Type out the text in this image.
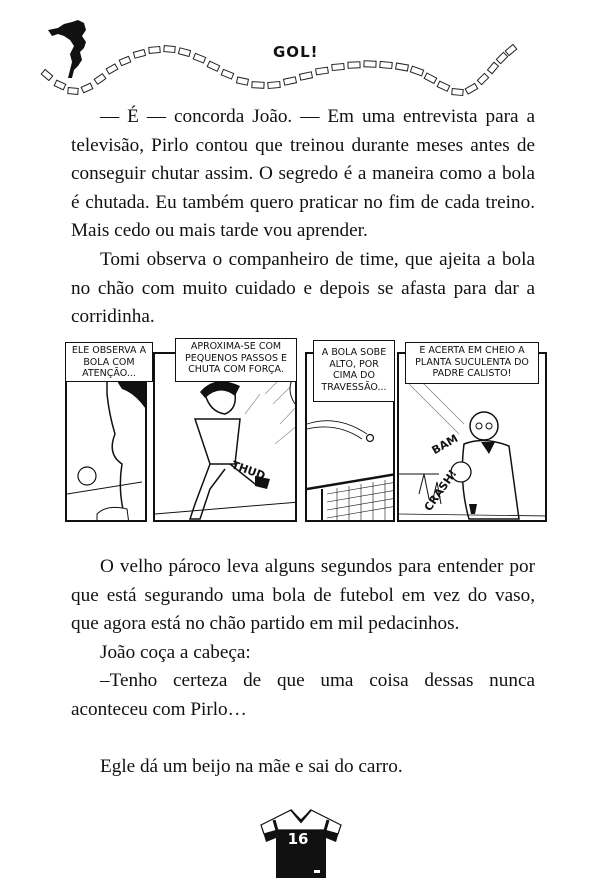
GOL!

— É — concorda João. — Em uma entrevista para a televisão, Pirlo contou que treinou durante meses antes de conseguir chutar assim. O segredo é a maneira como a bola é chutada. Eu também quero praticar no fim de cada treino. Mais cedo ou mais tarde vou aprender.

Tomi observa o companheiro de time, que ajeita a bola no chão com muito cuidado e depois se afasta para dar a corridinha.

ELE OBSERVA A BOLA COM ATENÇÃO...
THUD
APROXIMA-SE COM PEQUENOS PASSOS E CHUTA COM FORÇA.
A BOLA SOBE ALTO, POR CIMA DO TRAVESSÃO...
BAM
CRASH!
E ACERTA EM CHEIO A PLANTA SUCULENTA DO PADRE CALISTO!

O velho pároco leva alguns segundos para entender por que está segurando uma bola de futebol em vez do vaso, que agora está no chão partido em mil pedacinhos.

João coça a cabeça:

–Tenho certeza de que uma coisa dessas nunca aconteceu com Pirlo…

Egle dá um beijo na mãe e sai do carro.

16
